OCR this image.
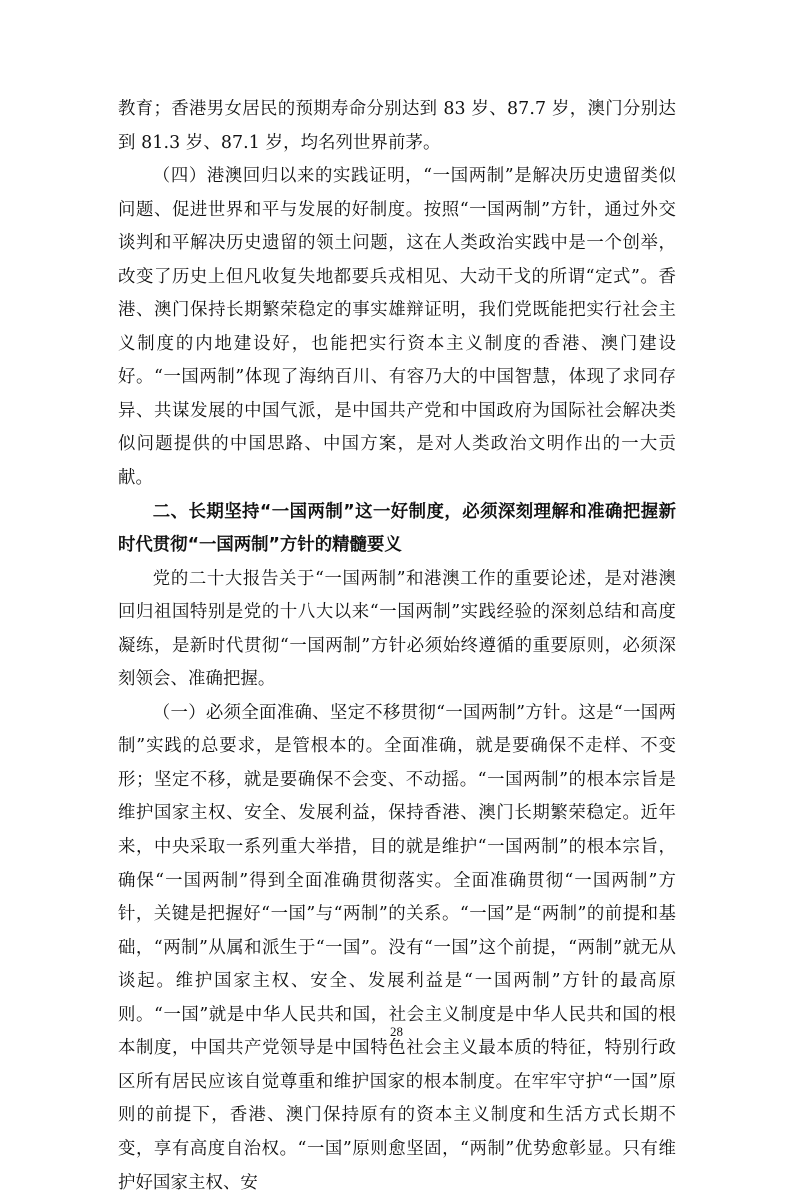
教育；香港男女居民的预期寿命分别达到 83 岁、87.7 岁，澳门分别达到 81.3 岁、87.1 岁，均名列世界前茅。

（四）港澳回归以来的实践证明，“一国两制”是解决历史遗留类似问题、促进世界和平与发展的好制度。按照“一国两制”方针，通过外交谈判和平解决历史遗留的领土问题，这在人类政治实践中是一个创举，改变了历史上但凡收复失地都要兵戎相见、大动干戈的所谓“定式”。香港、澳门保持长期繁荣稳定的事实雄辩证明，我们党既能把实行社会主义制度的内地建设好，也能把实行资本主义制度的香港、澳门建设好。“一国两制”体现了海纳百川、有容乃大的中国智慧，体现了求同存异、共谋发展的中国气派，是中国共产党和中国政府为国际社会解决类似问题提供的中国思路、中国方案，是对人类政治文明作出的一大贡献。

二、长期坚持“一国两制”这一好制度，必须深刻理解和准确把握新时代贯彻“一国两制”方针的精髓要义

党的二十大报告关于“一国两制”和港澳工作的重要论述，是对港澳回归祖国特别是党的十八大以来“一国两制”实践经验的深刻总结和高度凝练，是新时代贯彻“一国两制”方针必须始终遵循的重要原则，必须深刻领会、准确把握。

（一）必须全面准确、坚定不移贯彻“一国两制”方针。这是“一国两制”实践的总要求，是管根本的。全面准确，就是要确保不走样、不变形；坚定不移，就是要确保不会变、不动摇。“一国两制”的根本宗旨是维护国家主权、安全、发展利益，保持香港、澳门长期繁荣稳定。近年来，中央采取一系列重大举措，目的就是维护“一国两制”的根本宗旨，确保“一国两制”得到全面准确贯彻落实。全面准确贯彻“一国两制”方针，关键是把握好“一国”与“两制”的关系。“一国”是“两制”的前提和基础，“两制”从属和派生于“一国”。没有“一国”这个前提，“两制”就无从谈起。维护国家主权、安全、发展利益是“一国两制”方针的最高原则。“一国”就是中华人民共和国，社会主义制度是中华人民共和国的根本制度，中国共产党领导是中国特色社会主义最本质的特征，特别行政区所有居民应该自觉尊重和维护国家的根本制度。在牢牢守护“一国”原则的前提下，香港、澳门保持原有的资本主义制度和生活方式长期不变，享有高度自治权。“一国”原则愈坚固，“两制”优势愈彰显。只有维护好国家主权、安

28
